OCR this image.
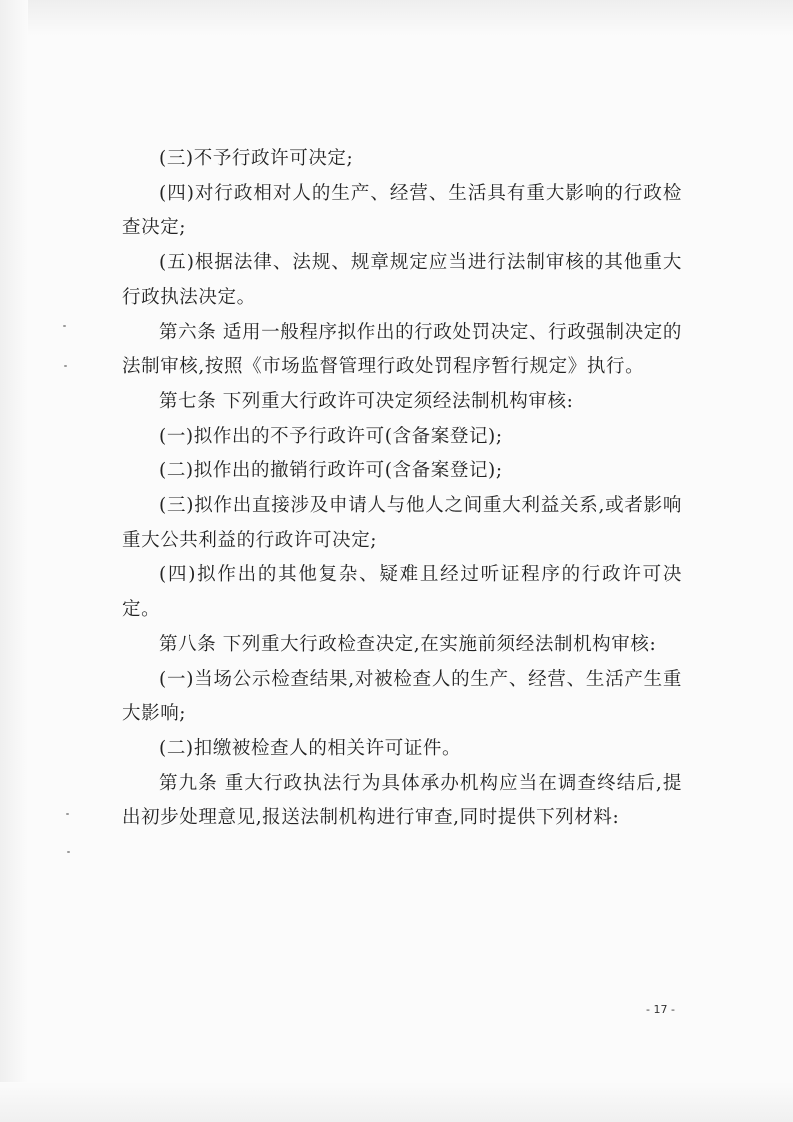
(三)不予行政许可决定;

(四)对行政相对人的生产、经营、生活具有重大影响的行政检查决定;

(五)根据法律、法规、规章规定应当进行法制审核的其他重大行政执法决定。

第六条 适用一般程序拟作出的行政处罚决定、行政强制决定的法制审核,按照《市场监督管理行政处罚程序暂行规定》执行。

第七条 下列重大行政许可决定须经法制机构审核:

(一)拟作出的不予行政许可(含备案登记);

(二)拟作出的撤销行政许可(含备案登记);

(三)拟作出直接涉及申请人与他人之间重大利益关系,或者影响重大公共利益的行政许可决定;

(四)拟作出的其他复杂、疑难且经过听证程序的行政许可决定。

第八条 下列重大行政检查决定,在实施前须经法制机构审核:

(一)当场公示检查结果,对被检查人的生产、经营、生活产生重大影响;

(二)扣缴被检查人的相关许可证件。

第九条 重大行政执法行为具体承办机构应当在调查终结后,提出初步处理意见,报送法制机构进行审查,同时提供下列材料:

- 17 -
